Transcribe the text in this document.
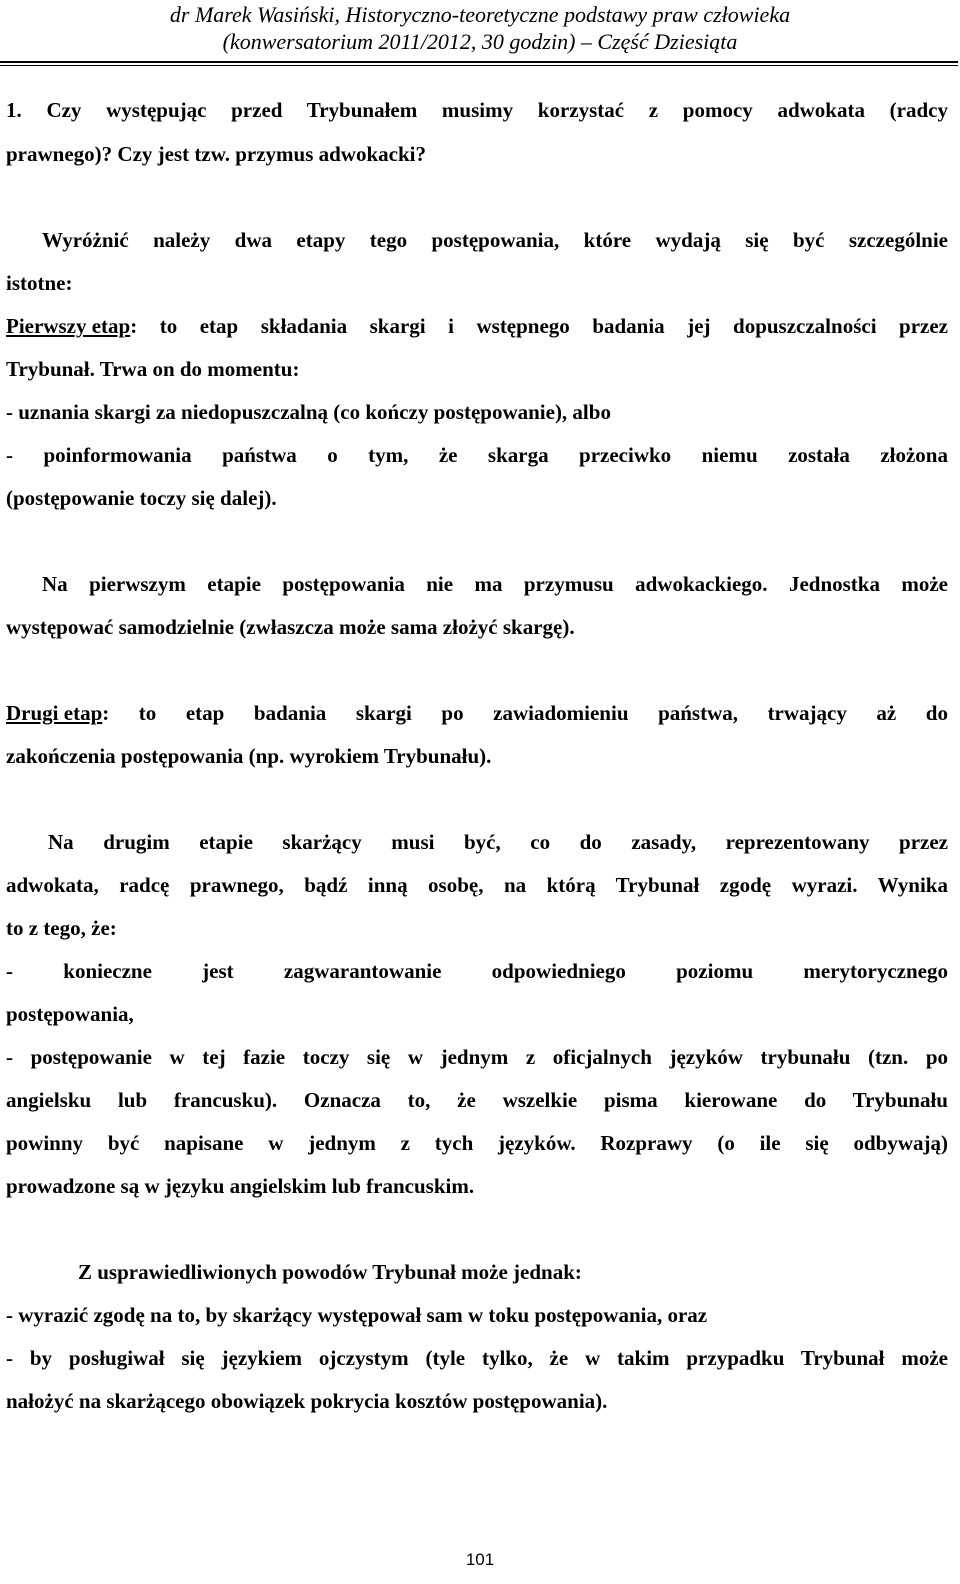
dr Marek Wasiński, Historyczno-teoretyczne podstawy praw człowieka
(konwersatorium 2011/2012, 30 godzin) – Część Dziesiąta
1. Czy występując przed Trybunałem musimy korzystać z pomocy adwokata (radcy
prawnego)? Czy jest tzw. przymus adwokacki?
Wyróżnić należy dwa etapy tego postępowania, które wydają się być szczególnie
istotne:
Pierwszy etap : to etap składania skargi i wstępnego badania jej dopuszczalności przez
Trybunał. Trwa on do momentu:
- uznania skargi za niedopuszczalną (co kończy postępowanie), albo
- poinformowania państwa o tym, że skarga przeciwko niemu została złożona
(postępowanie toczy się dalej).
Na pierwszym etapie postępowania nie ma przymusu adwokackiego. Jednostka może
występować samodzielnie (zwłaszcza może sama złożyć skargę).
Drugi etap : to etap badania skargi po zawiadomieniu państwa, trwający aż do
zakończenia postępowania (np. wyrokiem Trybunału).
Na drugim etapie skarżący musi być, co do zasady, reprezentowany przez
adwokata, radcę prawnego, bądź inną osobę, na którą Trybunał zgodę wyrazi. Wynika
to z tego, że:
- konieczne jest zagwarantowanie odpowiedniego poziomu merytorycznego
postępowania,
- postępowanie w tej fazie toczy się w jednym z oficjalnych języków trybunału (tzn. po
angielsku lub francusku). Oznacza to, że wszelkie pisma kierowane do Trybunału
powinny być napisane w jednym z tych języków. Rozprawy (o ile się odbywają)
prowadzone są w języku angielskim lub francuskim.
Z usprawiedliwionych powodów Trybunał może jednak:
- wyrazić zgodę na to, by skarżący występował sam w toku postępowania, oraz
- by posługiwał się językiem ojczystym (tyle tylko, że w takim przypadku Trybunał może
nałożyć na skarżącego obowiązek pokrycia kosztów postępowania).
101
